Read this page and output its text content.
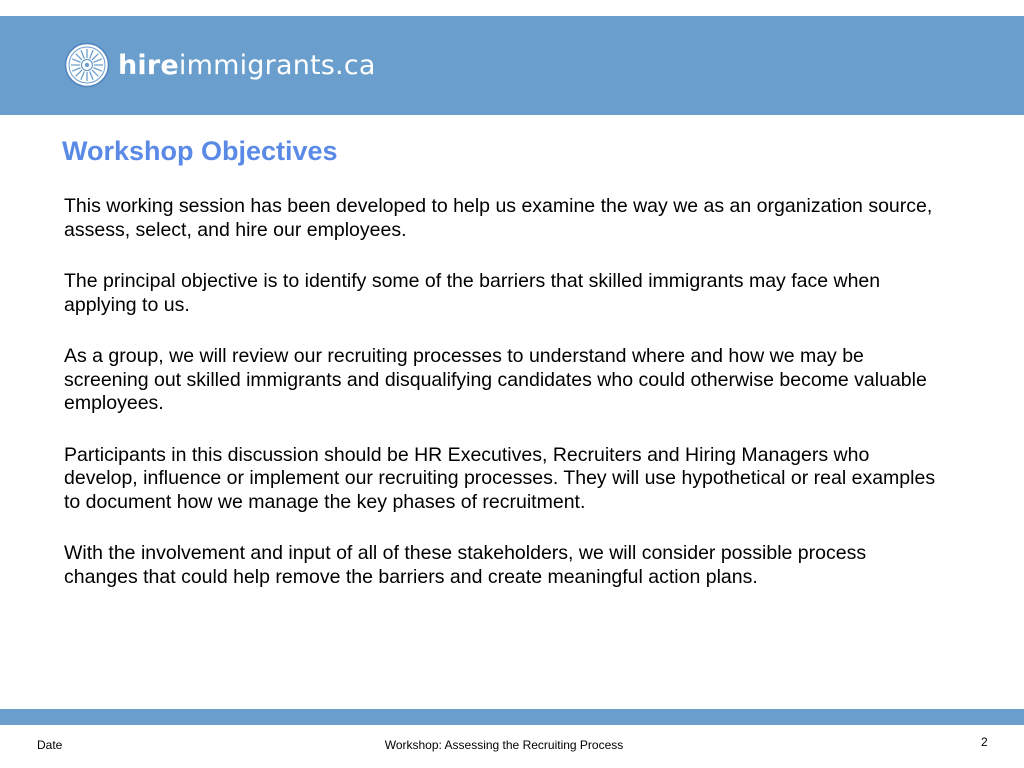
hireimmigrants.ca
Workshop Objectives

This working session has been developed to help us examine the way we as an organization source, assess, select, and hire our employees.

The principal objective is to identify some of the barriers that skilled immigrants may face when applying to us.

As a group, we will review our recruiting processes to understand where and how we may be screening out skilled immigrants and disqualifying candidates who could otherwise become valuable employees.

Participants in this discussion should be HR Executives, Recruiters and Hiring Managers who develop, influence or implement our recruiting processes. They will use hypothetical or real examples to document how we manage the key phases of recruitment.

With the involvement and input of all of these stakeholders, we will consider possible process changes that could help remove the barriers and create meaningful action plans.

Date	Workshop: Assessing the Recruiting Process	2
